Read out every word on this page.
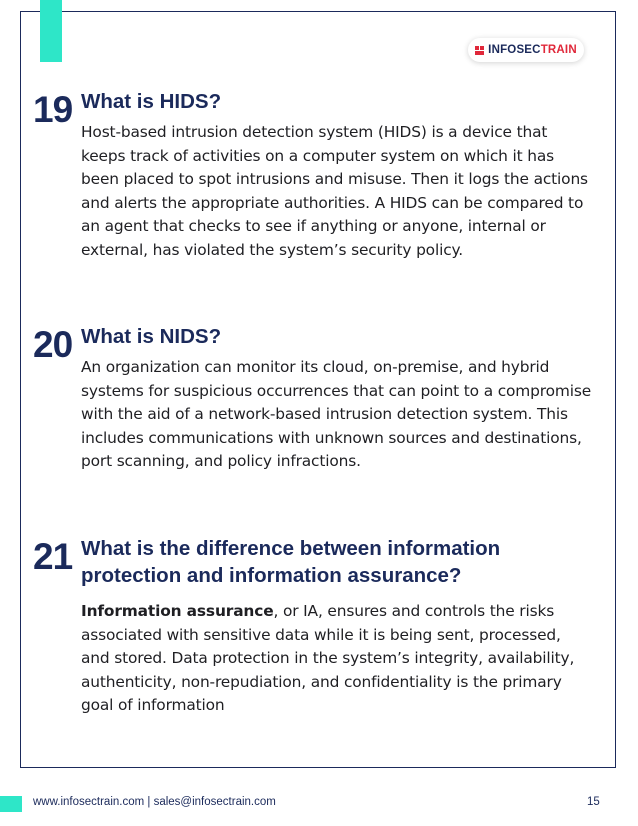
INFOSECTRAIN
19 What is HIDS?
Host-based intrusion detection system (HIDS) is a device that keeps track of activities on a computer system on which it has been placed to spot intrusions and misuse. Then it logs the actions and alerts the appropriate authorities. A HIDS can be compared to an agent that checks to see if anything or anyone, internal or external, has violated the system’s security policy.
20 What is NIDS?
An organization can monitor its cloud, on-premise, and hybrid systems for suspicious occurrences that can point to a compromise with the aid of a network-based intrusion detection system. This includes communications with unknown sources and destinations, port scanning, and policy infractions.
21 What is the difference between information protection and information assurance?
Information assurance, or IA, ensures and controls the risks associated with sensitive data while it is being sent, processed, and stored. Data protection in the system’s integrity, availability, authenticity, non-repudiation, and confidentiality is the primary goal of information
www.infosectrain.com | sales@infosectrain.com	15
